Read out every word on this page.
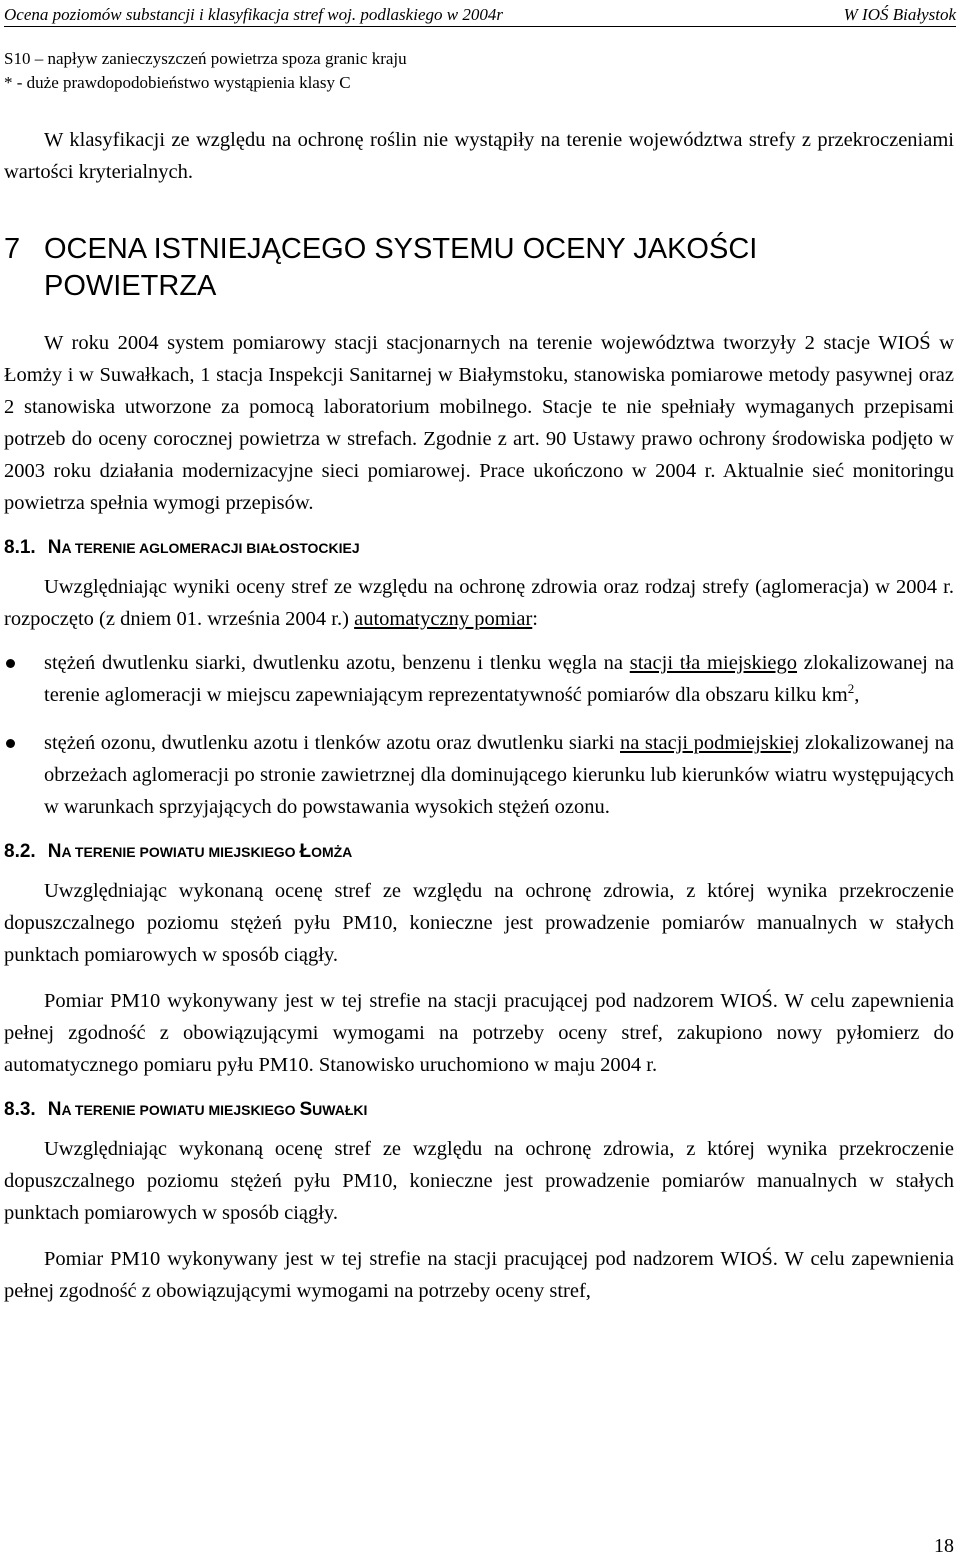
Ocena poziomów substancji i klasyfikacja stref woj. podlaskiego w 2004r	W IOŚ Białystok
S10 – napływ zanieczyszczeń powietrza spoza granic kraju
* - duże prawdopodobieństwo wystąpienia klasy C

W klasyfikacji ze względu na ochronę roślin nie wystąpiły na terenie województwa strefy z przekroczeniami wartości kryterialnych.

7 OCENA ISTNIEJĄCEGO SYSTEMU OCENY JAKOŚCI
POWIETRZA

W roku 2004 system pomiarowy stacji stacjonarnych na terenie województwa tworzyły 2 stacje WIOŚ w Łomży i w Suwałkach, 1 stacja Inspekcji Sanitarnej w Białymstoku, stanowiska pomiarowe metody pasywnej oraz 2 stanowiska utworzone za pomocą laboratorium mobilnego. Stacje te nie spełniały wymaganych przepisami potrzeb do oceny corocznej powietrza w strefach. Zgodnie z art. 90 Ustawy prawo ochrony środowiska podjęto w 2003 roku działania modernizacyjne sieci pomiarowej. Prace ukończono w 2004 r. Aktualnie sieć monitoringu powietrza spełnia wymogi przepisów.

8.1. NA TERENIE AGLOMERACJI BIAŁOSTOCKIEJ

Uwzględniając wyniki oceny stref ze względu na ochronę zdrowia oraz rodzaj strefy (aglomeracja) w 2004 r. rozpoczęto (z dniem 01. września 2004 r.) automatyczny pomiar:

stężeń dwutlenku siarki, dwutlenku azotu, benzenu i tlenku węgla na stacji tła miejskiego zlokalizowanej na terenie aglomeracji w miejscu zapewniającym reprezentatywność pomiarów dla obszaru kilku $km^2$,

stężeń ozonu, dwutlenku azotu i tlenków azotu oraz dwutlenku siarki na stacji podmiejskiej zlokalizowanej na obrzeżach aglomeracji po stronie zawietrznej dla dominującego kierunku lub kierunków wiatru występujących w warunkach sprzyjających do powstawania wysokich stężeń ozonu.

8.2. NA TERENIE POWIATU MIEJSKIEGO ŁOMŻA

Uwzględniając wykonaną ocenę stref ze względu na ochronę zdrowia, z której wynika przekroczenie dopuszczalnego poziomu stężeń pyłu PM10, konieczne jest prowadzenie pomiarów manualnych w stałych punktach pomiarowych w sposób ciągły.

Pomiar PM10 wykonywany jest w tej strefie na stacji pracującej pod nadzorem WIOŚ. W celu zapewnienia pełnej zgodność z obowiązującymi wymogami na potrzeby oceny stref, zakupiono nowy pyłomierz do automatycznego pomiaru pyłu PM10. Stanowisko uruchomiono w maju 2004 r.

8.3. NA TERENIE POWIATU MIEJSKIEGO SUWAŁKI

Uwzględniając wykonaną ocenę stref ze względu na ochronę zdrowia, z której wynika przekroczenie dopuszczalnego poziomu stężeń pyłu PM10, konieczne jest prowadzenie pomiarów manualnych w stałych punktach pomiarowych w sposób ciągły.

Pomiar PM10 wykonywany jest w tej strefie na stacji pracującej pod nadzorem WIOŚ. W celu zapewnienia pełnej zgodność z obowiązującymi wymogami na potrzeby oceny stref,

18
